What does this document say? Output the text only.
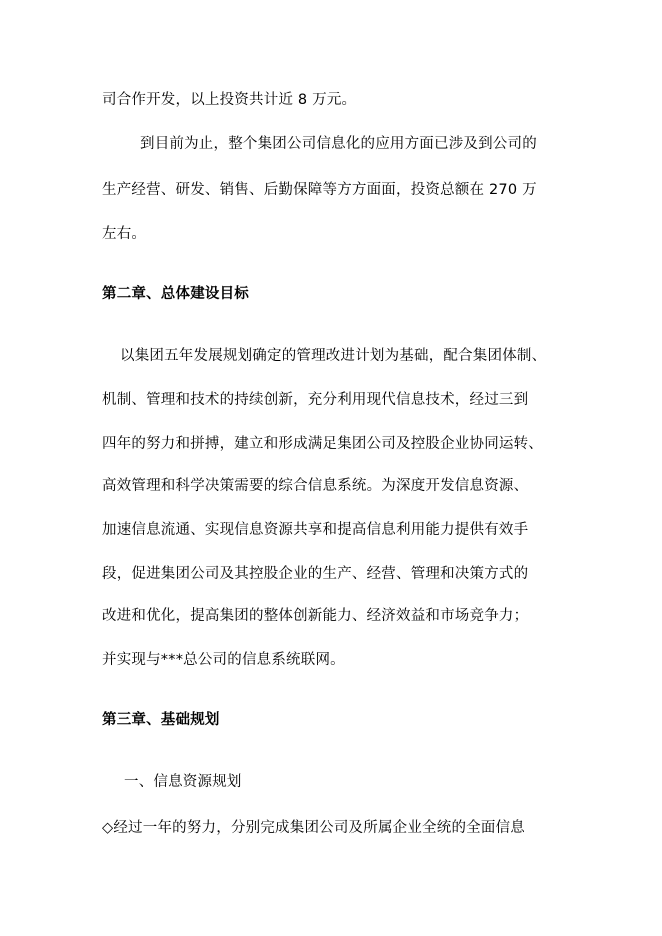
司合作开发，以上投资共计近 8 万元。
到目前为止，整个集团公司信息化的应用方面已涉及到公司的
生产经营、研发、销售、后勤保障等方方面面，投资总额在 270 万
左右。
第二章、总体建设目标
以集团五年发展规划确定的管理改进计划为基础，配合集团体制、
机制、管理和技术的持续创新，充分利用现代信息技术，经过三到
四年的努力和拼搏，建立和形成满足集团公司及控股企业协同运转、
高效管理和科学决策需要的综合信息系统。为深度开发信息资源、
加速信息流通、实现信息资源共享和提高信息利用能力提供有效手
段，促进集团公司及其控股企业的生产、经营、管理和决策方式的
改进和优化，提高集团的整体创新能力、经济效益和市场竞争力；
并实现与***总公司的信息系统联网。
第三章、基础规划
一、信息资源规划
◇经过一年的努力，分别完成集团公司及所属企业全统的全面信息
